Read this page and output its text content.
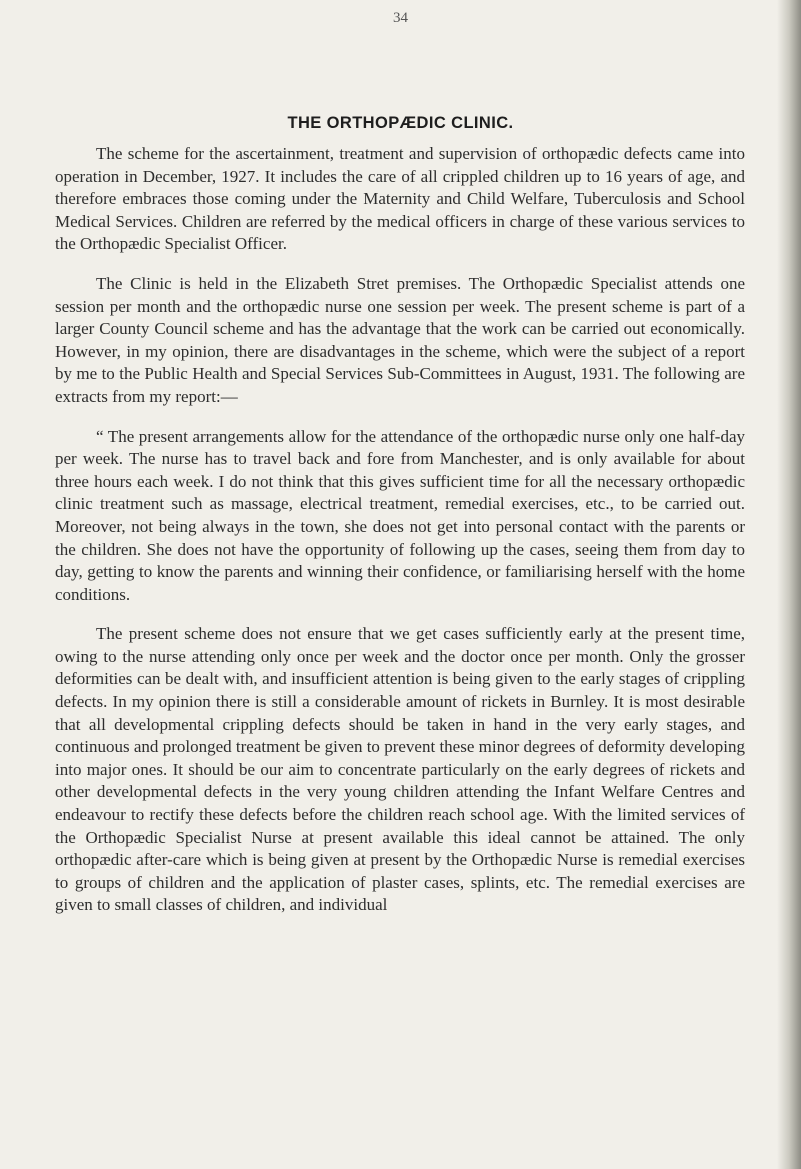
34
THE ORTHOPÆDIC CLINIC.

The scheme for the ascertainment, treatment and supervision of orthopædic defects came into operation in December, 1927. It includes the care of all crippled children up to 16 years of age, and therefore embraces those coming under the Maternity and Child Welfare, Tuberculosis and School Medical Services. Children are referred by the medical officers in charge of these various services to the Orthopædic Specialist Officer.

The Clinic is held in the Elizabeth Stret premises. The Orthopædic Specialist attends one session per month and the orthopædic nurse one session per week. The present scheme is part of a larger County Council scheme and has the advantage that the work can be carried out economically. However, in my opinion, there are disadvantages in the scheme, which were the subject of a report by me to the Public Health and Special Services Sub-Committees in August, 1931. The following are extracts from my report:—

“ The present arrangements allow for the attendance of the orthopædic nurse only one half-day per week. The nurse has to travel back and fore from Manchester, and is only available for about three hours each week. I do not think that this gives sufficient time for all the necessary orthopædic clinic treatment such as massage, electrical treatment, remedial exercises, etc., to be carried out. Moreover, not being always in the town, she does not get into personal contact with the parents or the children. She does not have the opportunity of following up the cases, seeing them from day to day, getting to know the parents and winning their confidence, or familiarising herself with the home conditions.

The present scheme does not ensure that we get cases sufficiently early at the present time, owing to the nurse attending only once per week and the doctor once per month. Only the grosser deformities can be dealt with, and insufficient attention is being given to the early stages of crippling defects. In my opinion there is still a considerable amount of rickets in Burnley. It is most desirable that all developmental crippling defects should be taken in hand in the very early stages, and continuous and prolonged treatment be given to prevent these minor degrees of deformity developing into major ones. It should be our aim to concentrate particularly on the early degrees of rickets and other developmental defects in the very young children attending the Infant Welfare Centres and endeavour to rectify these defects before the children reach school age. With the limited services of the Orthopædic Specialist Nurse at present available this ideal cannot be attained. The only orthopædic after-care which is being given at present by the Orthopædic Nurse is remedial exercises to groups of children and the application of plaster cases, splints, etc. The remedial exercises are given to small classes of children, and individual
